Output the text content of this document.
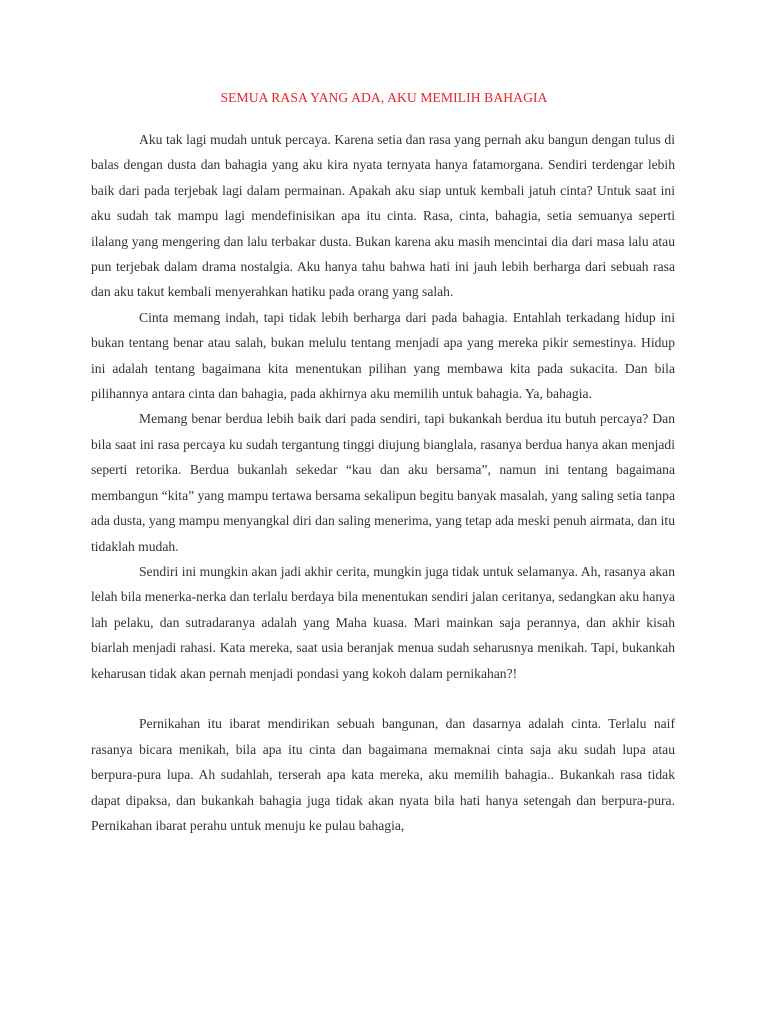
SEMUA RASA YANG ADA, AKU MEMILIH BAHAGIA

Aku tak lagi mudah untuk percaya. Karena setia dan rasa yang pernah aku bangun dengan tulus di balas dengan dusta dan bahagia yang aku kira nyata ternyata hanya fatamorgana. Sendiri terdengar lebih baik dari pada terjebak lagi dalam permainan. Apakah aku siap untuk kembali jatuh cinta? Untuk saat ini aku sudah tak mampu lagi mendefinisikan apa itu cinta. Rasa, cinta, bahagia, setia semuanya seperti ilalang yang mengering dan lalu terbakar dusta. Bukan karena aku masih mencintai dia dari masa lalu atau pun terjebak dalam drama nostalgia. Aku hanya tahu bahwa hati ini jauh lebih berharga dari sebuah rasa dan aku takut kembali menyerahkan hatiku pada orang yang salah.

Cinta memang indah, tapi tidak lebih berharga dari pada bahagia. Entahlah terkadang hidup ini bukan tentang benar atau salah, bukan melulu tentang menjadi apa yang mereka pikir semestinya. Hidup ini adalah tentang bagaimana kita menentukan pilihan yang membawa kita pada sukacita. Dan bila pilihannya antara cinta dan bahagia, pada akhirnya aku memilih untuk bahagia. Ya, bahagia.

Memang benar berdua lebih baik dari pada sendiri, tapi bukankah berdua itu butuh percaya? Dan bila saat ini rasa percaya ku sudah tergantung tinggi diujung bianglala, rasanya berdua hanya akan menjadi seperti retorika. Berdua bukanlah sekedar “kau dan aku bersama”, namun ini tentang bagaimana membangun “kita” yang mampu tertawa bersama sekalipun begitu banyak masalah, yang saling setia tanpa ada dusta, yang mampu menyangkal diri dan saling menerima, yang tetap ada meski penuh airmata, dan itu tidaklah mudah.

Sendiri ini mungkin akan jadi akhir cerita, mungkin juga tidak untuk selamanya. Ah, rasanya akan lelah bila menerka-nerka dan terlalu berdaya bila menentukan sendiri jalan ceritanya, sedangkan aku hanya lah pelaku, dan sutradaranya adalah yang Maha kuasa. Mari mainkan saja perannya, dan akhir kisah biarlah menjadi rahasi. Kata mereka, saat usia beranjak menua sudah seharusnya menikah. Tapi, bukankah keharusan tidak akan pernah menjadi pondasi yang kokoh dalam pernikahan?!

Pernikahan itu ibarat mendirikan sebuah bangunan, dan dasarnya adalah cinta. Terlalu naif rasanya bicara menikah, bila apa itu cinta dan bagaimana memaknai cinta saja aku sudah lupa atau berpura-pura lupa. Ah sudahlah, terserah apa kata mereka, aku memilih bahagia.. Bukankah rasa tidak dapat dipaksa, dan bukankah bahagia juga tidak akan nyata bila hati hanya setengah dan berpura-pura. Pernikahan ibarat perahu untuk menuju ke pulau bahagia,
